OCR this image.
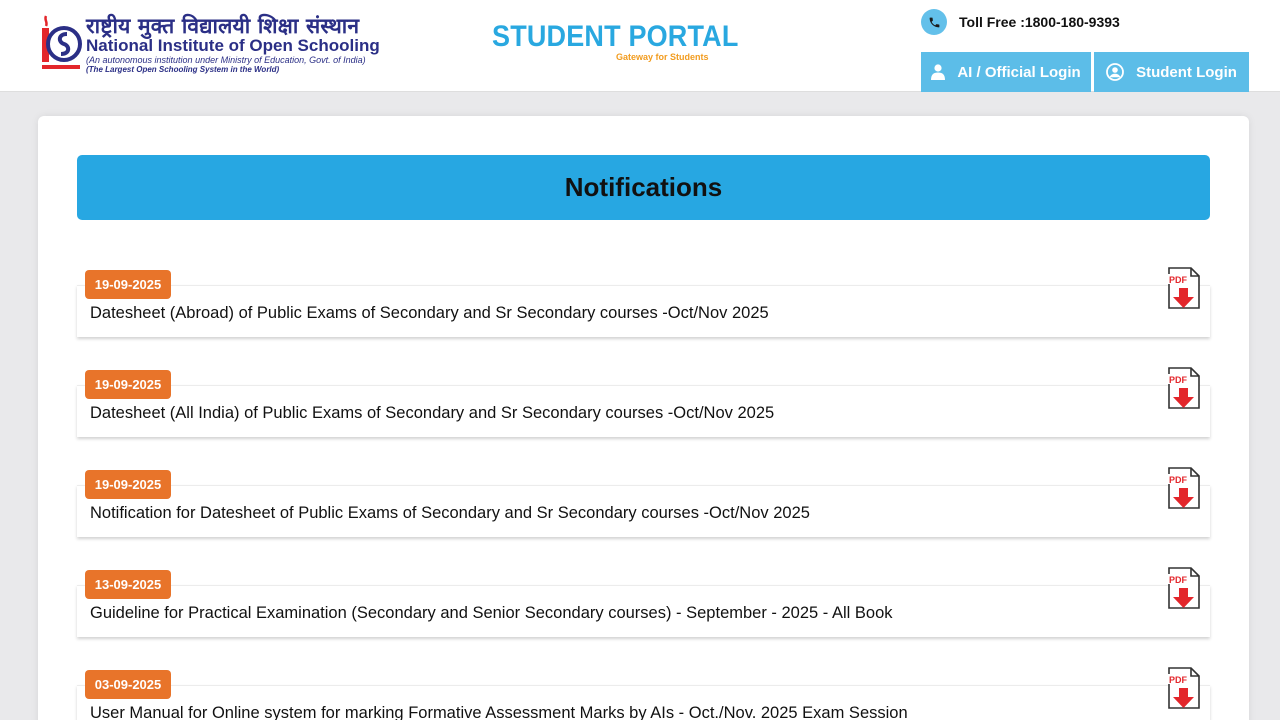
राष्ट्रीय मुक्त विद्यालयी शिक्षा संस्थान
National Institute of Open Schooling
(An autonomous institution under Ministry of Education, Govt. of India)
(The Largest Open Schooling System in the World)
STUDENT PORTAL
Gateway for Students
Toll Free :1800-180-9393
AI / Official Login	Student Login
Notifications
Datesheet (Abroad) of Public Exams of Secondary and Sr Secondary courses -Oct/Nov 2025
19-09-2025	PDF
Datesheet (All India) of Public Exams of Secondary and Sr Secondary courses -Oct/Nov 2025
19-09-2025	PDF
Notification for Datesheet of Public Exams of Secondary and Sr Secondary courses -Oct/Nov 2025
19-09-2025	PDF
Guideline for Practical Examination (Secondary and Senior Secondary courses) - September - 2025 - All Book
13-09-2025	PDF
User Manual for Online system for marking Formative Assessment Marks by AIs - Oct./Nov. 2025 Exam Session
03-09-2025	PDF
